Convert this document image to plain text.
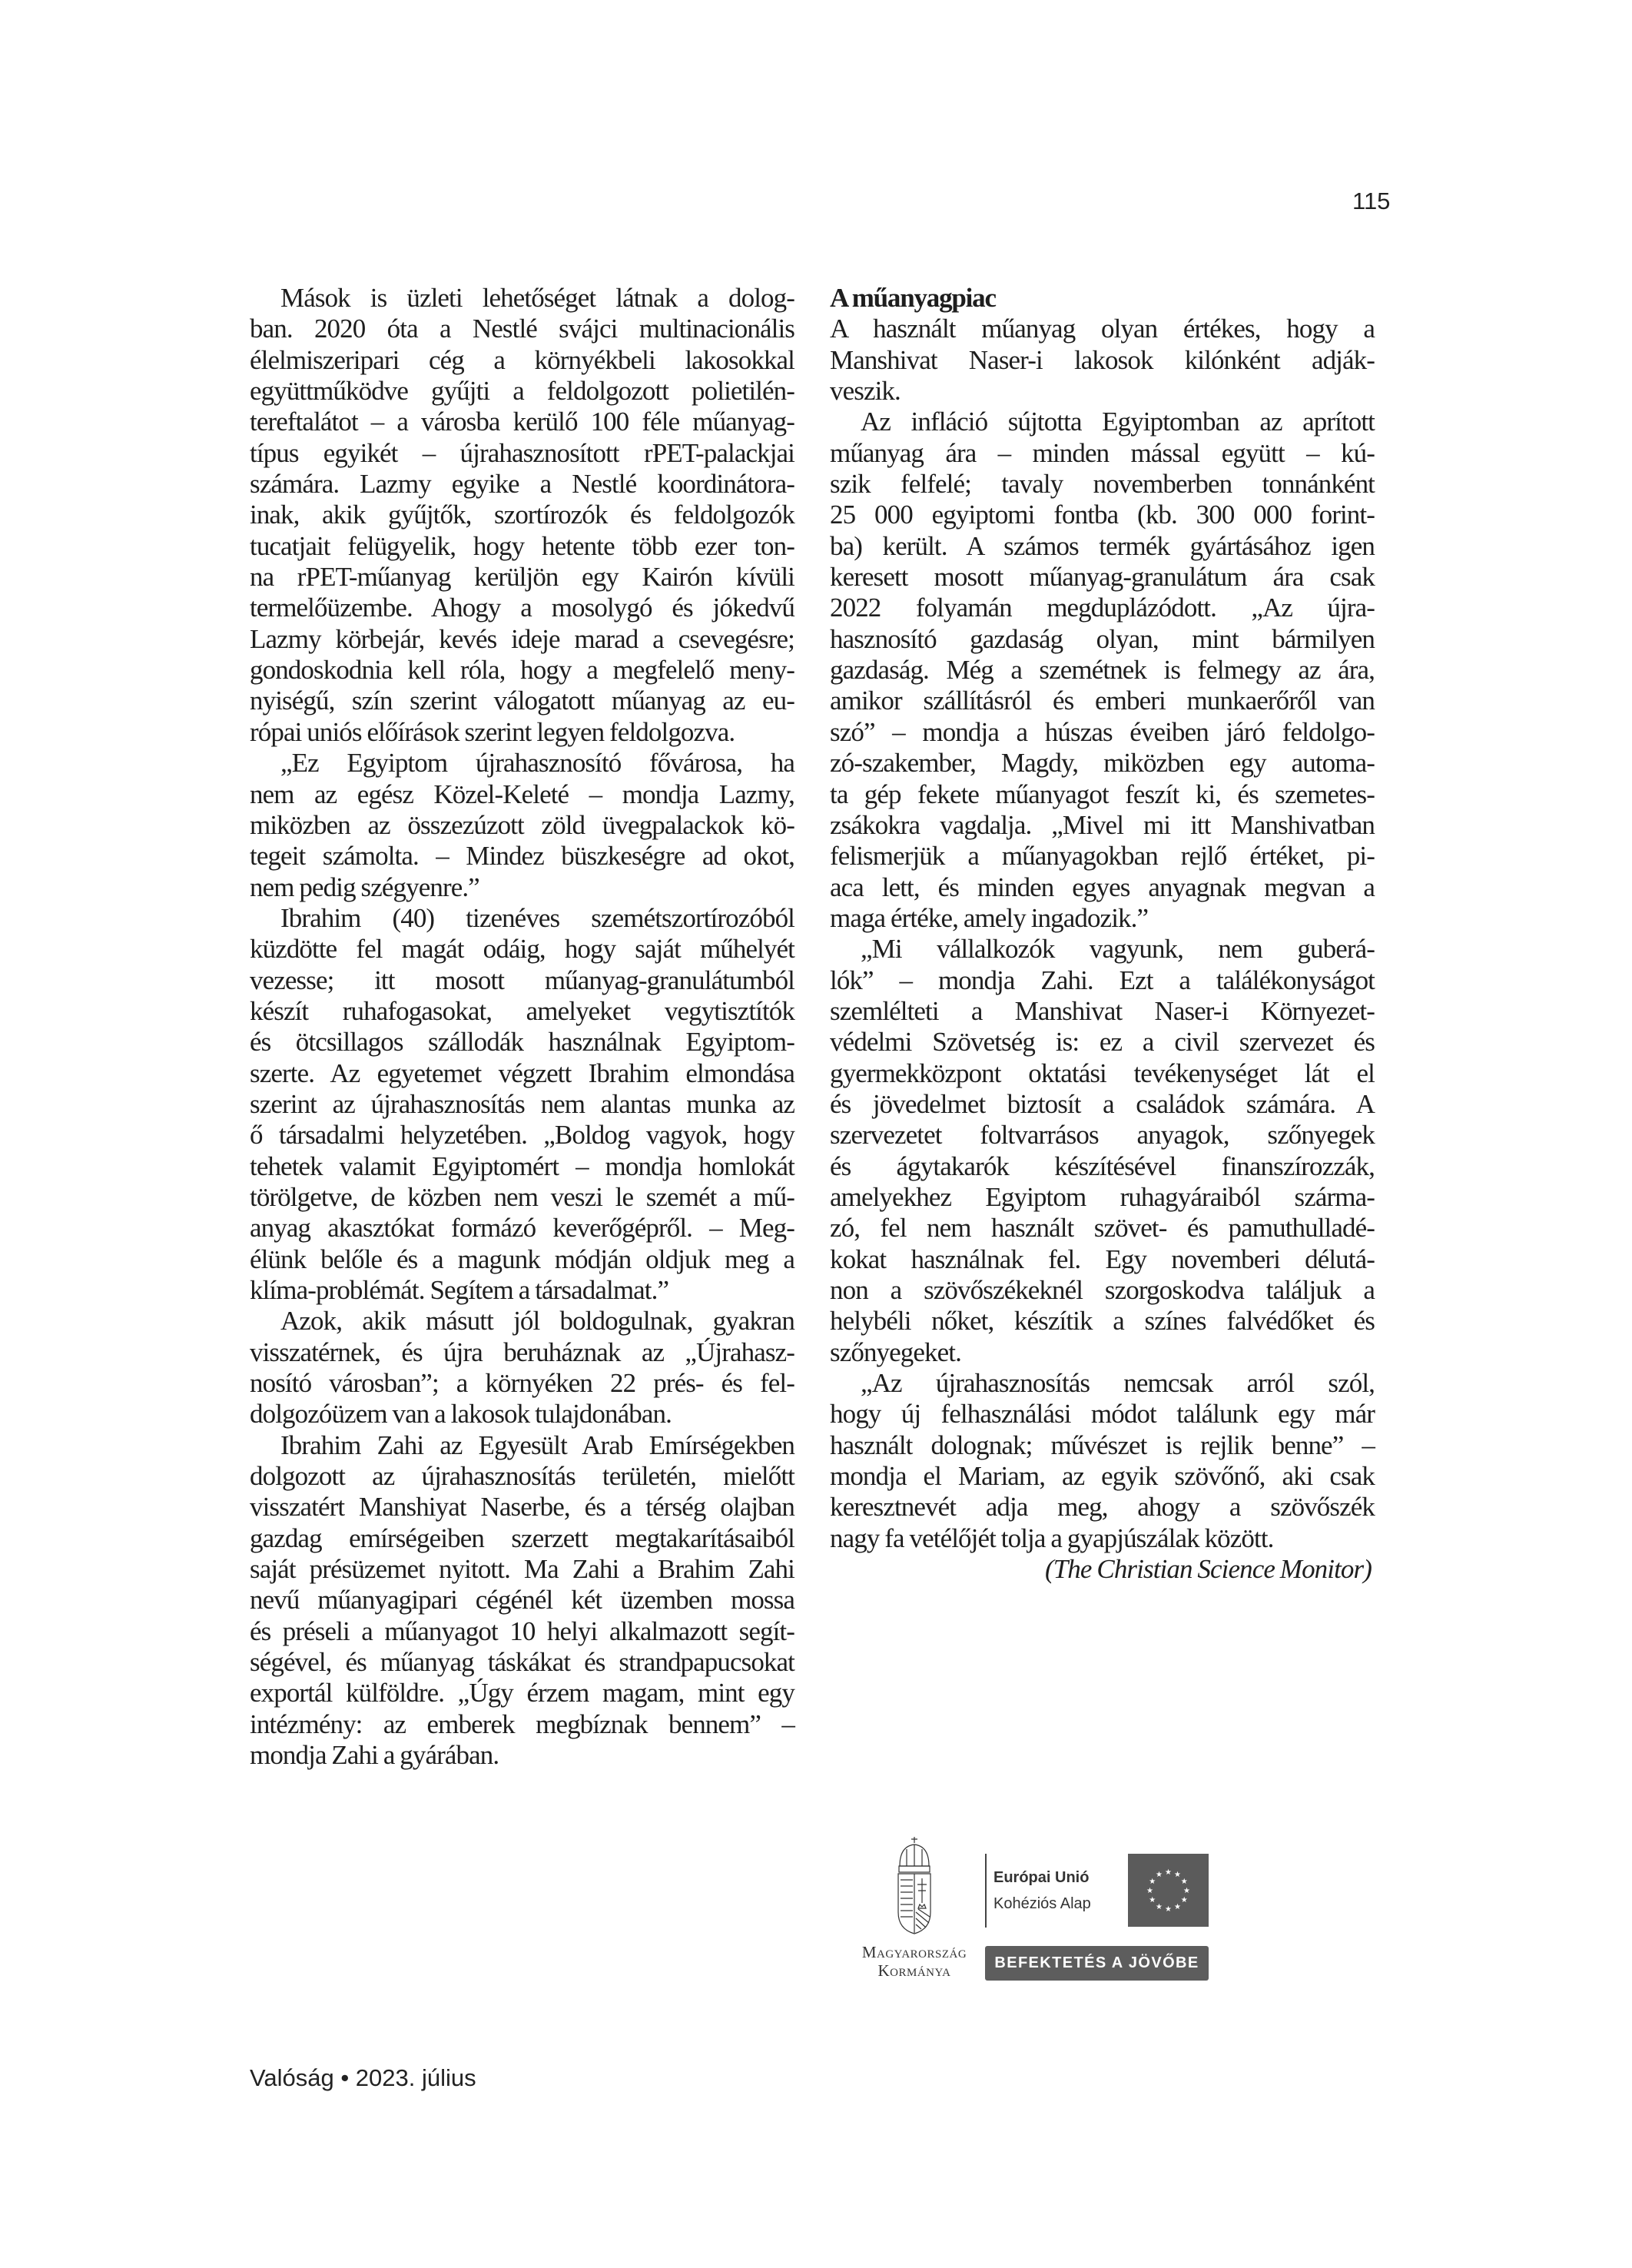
115
Mások is üzleti lehetőséget látnak a dolog-
ban. 2020 óta a Nestlé svájci multinacionális
élelmiszeripari cég a környékbeli lakosokkal
együttműködve gyűjti a feldolgozott polietilén-
tereftalátot – a városba kerülő 100 féle műanyag-
típus egyikét – újrahasznosított rPET-palackjai
számára. Lazmy egyike a Nestlé koordinátora-
inak, akik gyűjtők, szortírozók és feldolgozók
tucatjait felügyelik, hogy hetente több ezer ton-
na rPET-műanyag kerüljön egy Kairón kívüli
termelőüzembe. Ahogy a mosolygó és jókedvű
Lazmy körbejár, kevés ideje marad a csevegésre;
gondoskodnia kell róla, hogy a megfelelő meny-
nyiségű, szín szerint válogatott műanyag az eu-
rópai uniós előírások szerint legyen feldolgozva.
„Ez Egyiptom újrahasznosító fővárosa, ha
nem az egész Közel-Keleté – mondja Lazmy,
miközben az összezúzott zöld üvegpalackok kö-
tegeit számolta. – Mindez büszkeségre ad okot,
nem pedig szégyenre.”
Ibrahim (40) tizenéves szemétszortírozóból
küzdötte fel magát odáig, hogy saját műhelyét
vezesse; itt mosott műanyag-granulátumból
készít ruhafogasokat, amelyeket vegytisztítók
és ötcsillagos szállodák használnak Egyiptom-
szerte. Az egyetemet végzett Ibrahim elmondása
szerint az újrahasznosítás nem alantas munka az
ő társadalmi helyzetében. „Boldog vagyok, hogy
tehetek valamit Egyiptomért – mondja homlokát
törölgetve, de közben nem veszi le szemét a mű-
anyag akasztókat formázó keverőgépről. – Meg-
élünk belőle és a magunk módján oldjuk meg a
klíma-problémát. Segítem a társadalmat.”
Azok, akik másutt jól boldogulnak, gyakran
visszatérnek, és újra beruháznak az „Újrahasz-
nosító városban”; a környéken 22 prés- és fel-
dolgozóüzem van a lakosok tulajdonában.
Ibrahim Zahi az Egyesült Arab Emírségekben
dolgozott az újrahasznosítás területén, mielőtt
visszatért Manshiyat Naserbe, és a térség olajban
gazdag emírségeiben szerzett megtakarításaiból
saját présüzemet nyitott. Ma Zahi a Brahim Zahi
nevű műanyagipari cégénél két üzemben mossa
és préseli a műanyagot 10 helyi alkalmazott segít-
ségével, és műanyag táskákat és strandpapucsokat
exportál külföldre. „Úgy érzem magam, mint egy
intézmény: az emberek megbíznak bennem” –
mondja Zahi a gyárában.
A műanyagpiac
A használt műanyag olyan értékes, hogy a
Manshivat Naser-i lakosok kilónként adják-
veszik.
Az infláció sújtotta Egyiptomban az aprított
műanyag ára – minden mással együtt – kú-
szik felfelé; tavaly novemberben tonnánként
25 000 egyiptomi fontba (kb. 300 000 forint-
ba) került. A számos termék gyártásához igen
keresett mosott műanyag-granulátum ára csak
2022 folyamán megduplázódott. „Az újra-
hasznosító gazdaság olyan, mint bármilyen
gazdaság. Még a szemétnek is felmegy az ára,
amikor szállításról és emberi munkaerőről van
szó” – mondja a húszas éveiben járó feldolgo-
zó-szakember, Magdy, miközben egy automa-
ta gép fekete műanyagot feszít ki, és szemetes-
zsákokra vagdalja. „Mivel mi itt Manshivatban
felismerjük a műanyagokban rejlő értéket, pi-
aca lett, és minden egyes anyagnak megvan a
maga értéke, amely ingadozik.”
„Mi vállalkozók vagyunk, nem guberá-
lók” – mondja Zahi. Ezt a találékonyságot
szemlélteti a Manshivat Naser-i Környezet-
védelmi Szövetség is: ez a civil szervezet és
gyermekközpont oktatási tevékenységet lát el
és jövedelmet biztosít a családok számára. A
szervezetet foltvarrásos anyagok, szőnyegek
és ágytakarók készítésével finanszírozzák,
amelyekhez Egyiptom ruhagyáraiból szárma-
zó, fel nem használt szövet- és pamuthulladé-
kokat használnak fel. Egy novemberi délutá-
non a szövőszékeknél szorgoskodva találjuk a
helybéli nőket, készítik a színes falvédőket és
szőnyegeket.
„Az újrahasznosítás nemcsak arról szól,
hogy új felhasználási módot találunk egy már
használt dolognak; művészet is rejlik benne” –
mondja el Mariam, az egyik szövőnő, aki csak
keresztnevét adja meg, ahogy a szövőszék
nagy fa vetélőjét tolja a gyapjúszálak között.
(The Christian Science Monitor)
Valóság • 2023. július
Magyarország
Kormánya
Európai Unió
Kohéziós Alap
★ ★
★
★
★
★
★
★
★
★
★
★
BEFEKTETÉS A JÖVŐBE
